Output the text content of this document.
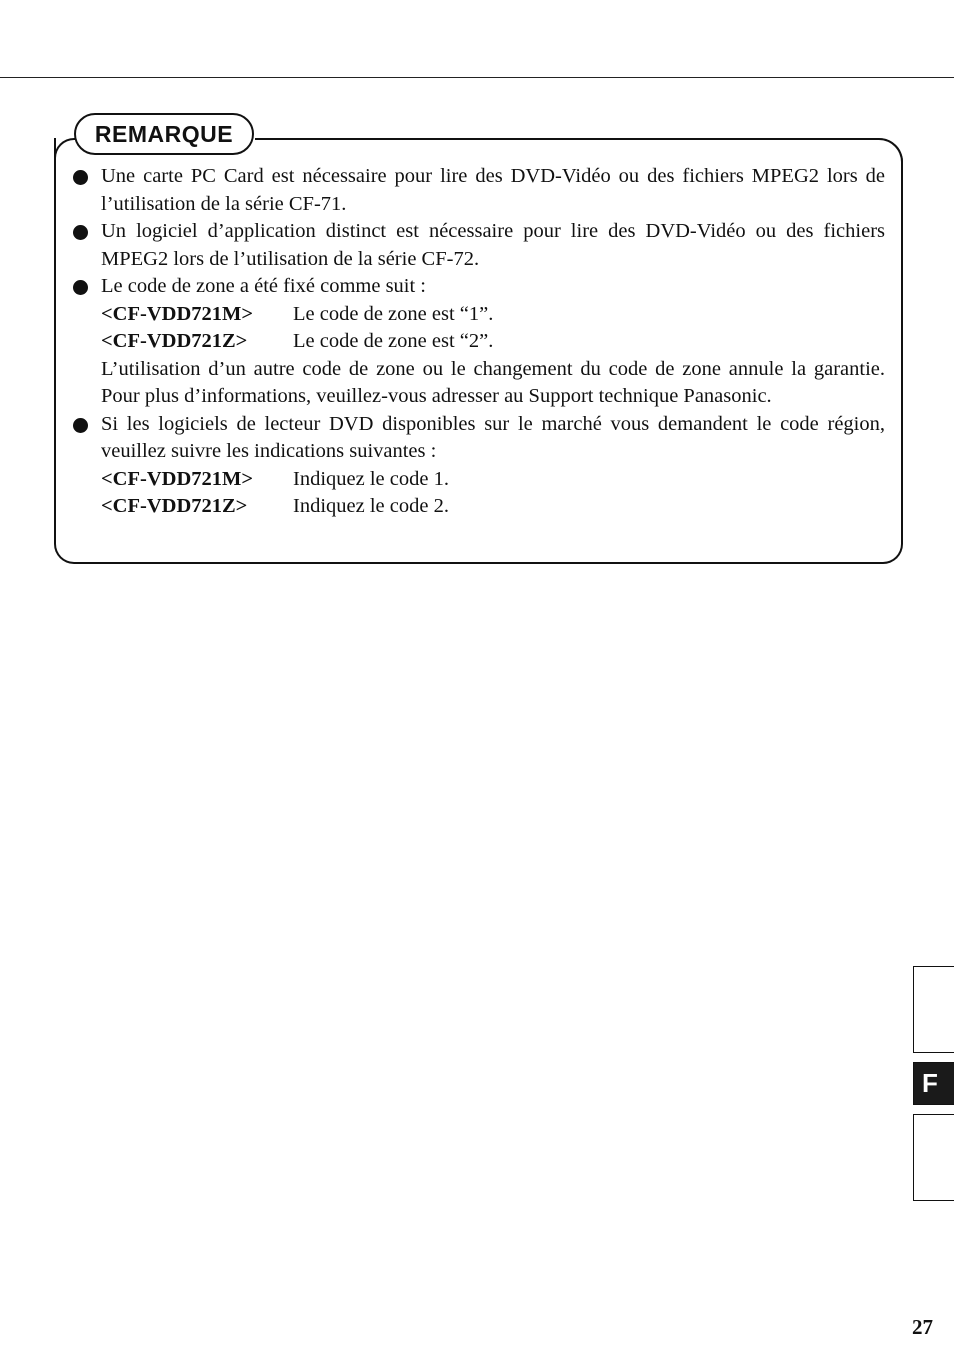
REMARQUE

Une carte PC Card est nécessaire pour lire des DVD-Vidéo ou des fichiers MPEG2 lors de l’utilisation de la série CF-71.

Un logiciel d’application distinct est nécessaire pour lire des DVD-Vidéo ou des fichiers MPEG2 lors de l’utilisation de la série CF-72.

Le code de zone a été fixé comme suit :

<CF-VDD721M>	Le code de zone est “1”.
<CF-VDD721Z>	Le code de zone est “2”.

L’utilisation d’un autre code de zone ou le changement du code de zone annule la garantie. Pour plus d’informations, veuillez-vous adresser au Support technique Panasonic.

Si les logiciels de lecteur DVD disponibles sur le marché vous demandent le code région, veuillez suivre les indications suivantes :

<CF-VDD721M>	Indiquez le code 1.
<CF-VDD721Z>	Indiquez le code 2.
F
27
